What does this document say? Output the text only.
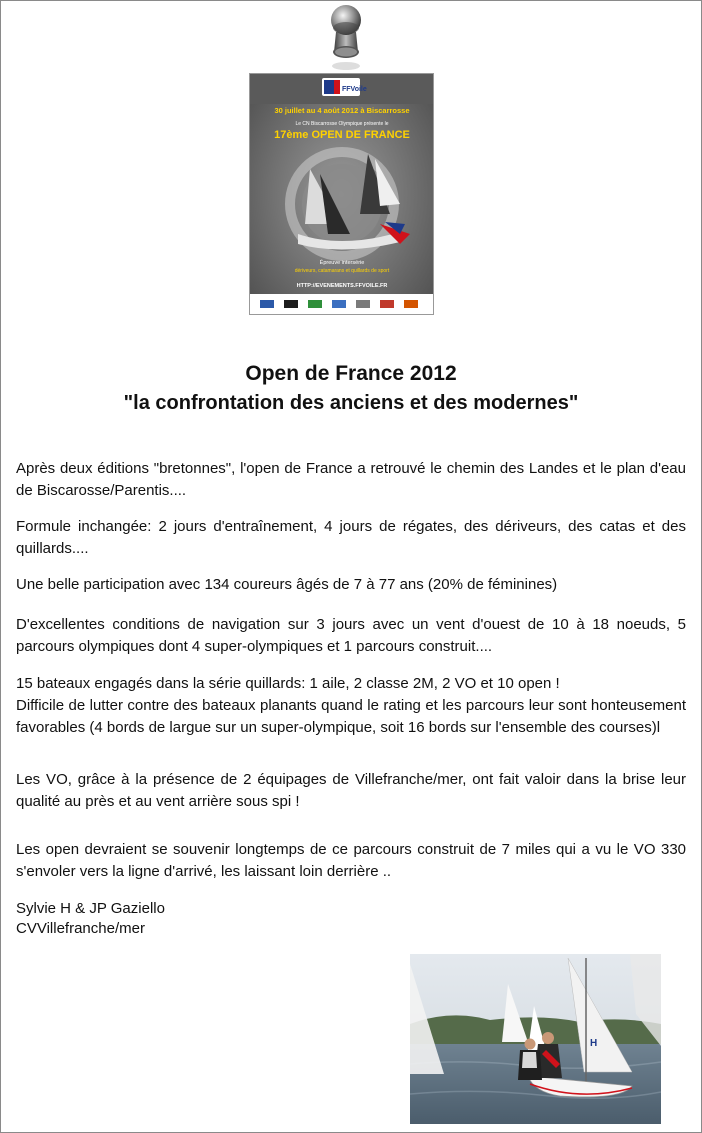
FFVoile
30 juillet au 4 août 2012 à Biscarrosse
Le CN Biscarrosse Olympique présente le
17ème OPEN DE FRANCE
Épreuve intersérie
dériveurs, catamarans et quillards de sport
HTTP://EVENEMENTS.FFVOILE.FR
Open de France 2012
"la confrontation des anciens et des modernes"

Après deux éditions "bretonnes", l'open de France a retrouvé le chemin des Landes et le plan d'eau de Biscarosse/Parentis....

Formule inchangée: 2 jours d'entraînement, 4 jours de régates, des dériveurs, des catas et des quillards....

Une belle participation avec 134 coureurs âgés de 7 à 77 ans (20% de féminines)

D'excellentes conditions de navigation sur 3 jours avec un vent d'ouest de 10 à 18 noeuds, 5 parcours olympiques dont 4 super-olympiques et 1 parcours construit....

15 bateaux engagés dans la série quillards: 1 aile, 2 classe 2M, 2 VO et 10 open !

Difficile de lutter contre des bateaux planants quand le rating et les parcours leur sont honteusement favorables (4 bords de largue sur un super-olympique, soit 16 bords sur l'ensemble des courses)l

Les VO, grâce à la présence de 2 équipages de Villefranche/mer, ont fait valoir dans la brise leur qualité au près et au vent arrière sous spi !

Les open devraient se souvenir longtemps de ce parcours construit de 7 miles qui a vu le VO 330 s'envoler vers la ligne d'arrivé, les laissant loin derrière ..

Sylvie H & JP Gaziello

CVVillefranche/mer

H
